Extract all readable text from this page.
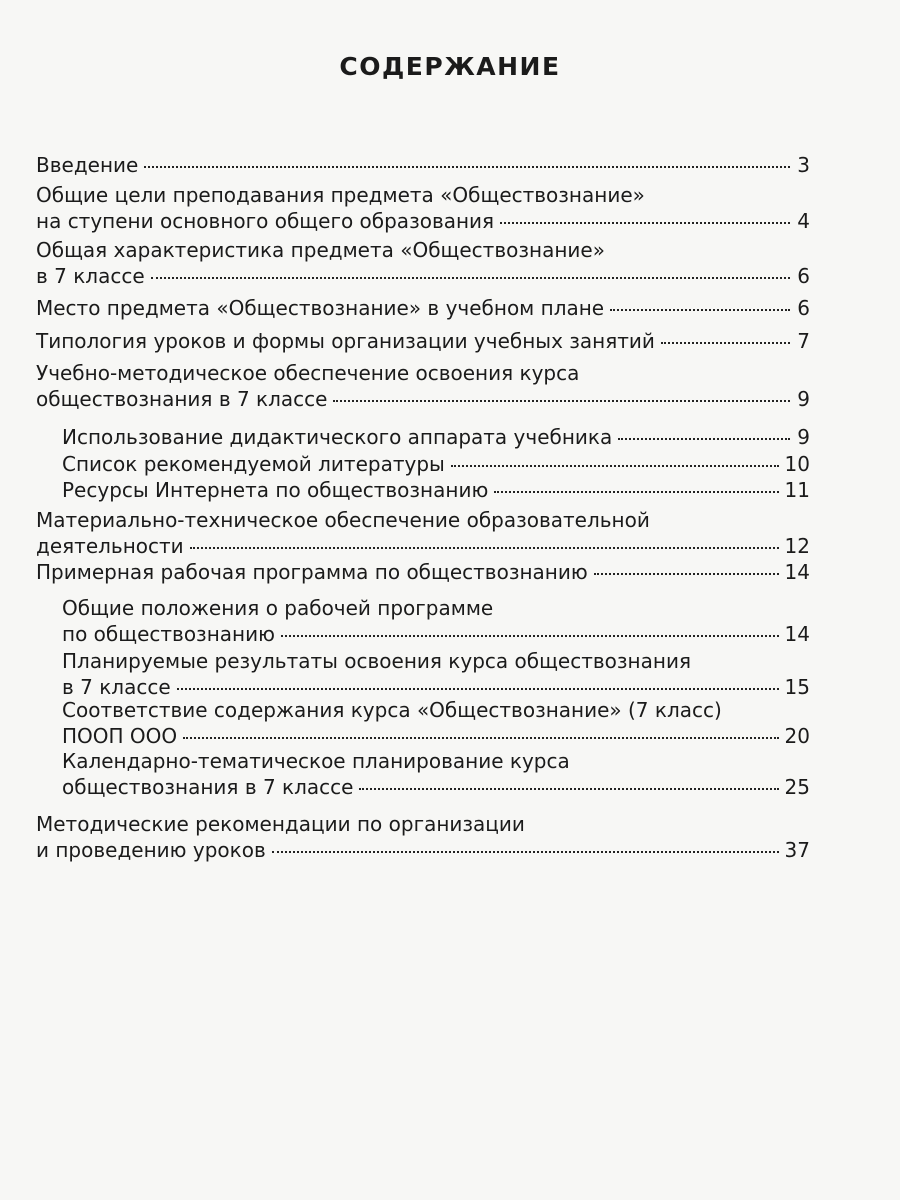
СОДЕРЖАНИЕ
Введение	3
Общие цели преподавания предмета «Обществознание»
на ступени основного общего образования	4
Общая характеристика предмета «Обществознание»
в 7 классе	6
Место предмета «Обществознание» в учебном плане	6
Типология уроков и формы организации учебных занятий	7
Учебно-методическое обеспечение освоения курса
обществознания в 7 классе	9
Использование дидактического аппарата учебника	9
Список рекомендуемой литературы	10
Ресурсы Интернета по обществознанию	11
Материально-техническое обеспечение образовательной
деятельности	12
Примерная рабочая программа по обществознанию	14
Общие положения о рабочей программе
по обществознанию	14
Планируемые результаты освоения курса обществознания
в 7 классе	15
Соответствие содержания курса «Обществознание» (7 класс)
ПООП ООО	20
Календарно-тематическое планирование курса
обществознания в 7 классе	25
Методические рекомендации по организации
и проведению уроков	37
